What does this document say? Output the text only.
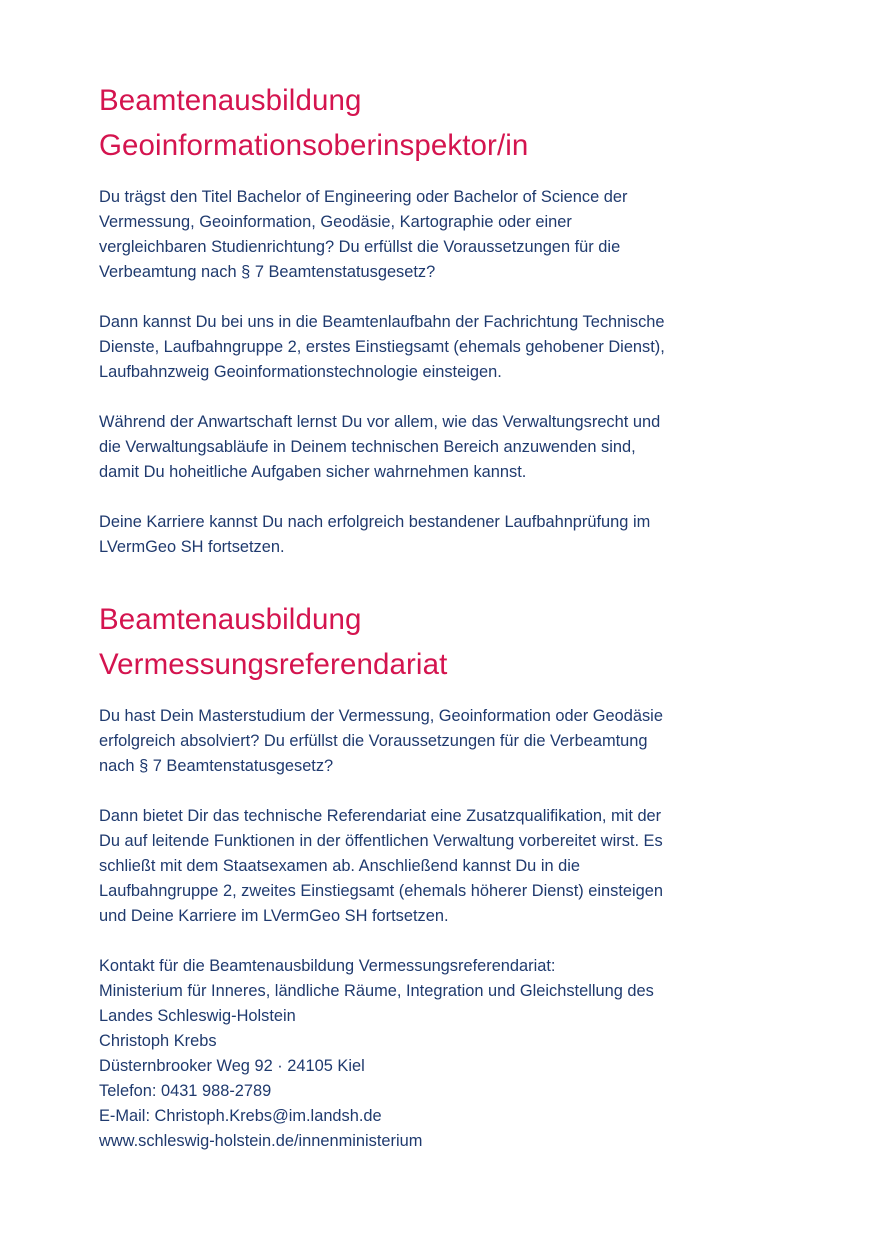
Beamtenausbildung
Geoinformationsoberinspektor/in

Du trägst den Titel Bachelor of Engineering oder Bachelor of Science der
Vermessung, Geoinformation, Geodäsie, Kartographie oder einer
vergleichbaren Studienrichtung? Du erfüllst die Voraussetzungen für die
Verbeamtung nach § 7 Beamtenstatusgesetz?

Dann kannst Du bei uns in die Beamtenlaufbahn der Fachrichtung Technische
Dienste, Laufbahngruppe 2, erstes Einstiegsamt (ehemals gehobener Dienst),
Laufbahnzweig Geoinformationstechnologie einsteigen.

Während der Anwartschaft lernst Du vor allem, wie das Verwaltungsrecht und
die Verwaltungsabläufe in Deinem technischen Bereich anzuwenden sind,
damit Du hoheitliche Aufgaben sicher wahrnehmen kannst.

Deine Karriere kannst Du nach erfolgreich bestandener Laufbahnprüfung im
LVermGeo SH fortsetzen.

Beamtenausbildung
Vermessungsreferendariat

Du hast Dein Masterstudium der Vermessung, Geoinformation oder Geodäsie
erfolgreich absolviert? Du erfüllst die Voraussetzungen für die Verbeamtung
nach § 7 Beamtenstatusgesetz?

Dann bietet Dir das technische Referendariat eine Zusatzqualifikation, mit der
Du auf leitende Funktionen in der öffentlichen Verwaltung vorbereitet wirst. Es
schließt mit dem Staatsexamen ab. Anschließend kannst Du in die
Laufbahngruppe 2, zweites Einstiegsamt (ehemals höherer Dienst) einsteigen
und Deine Karriere im LVermGeo SH fortsetzen.

Kontakt für die Beamtenausbildung Vermessungsreferendariat:
Ministerium für Inneres, ländliche Räume, Integration und Gleichstellung des
Landes Schleswig-Holstein
Christoph Krebs
Düsternbrooker Weg 92 · 24105 Kiel
Telefon: 0431 988-2789
E-Mail: Christoph.Krebs@im.landsh.de
www.schleswig-holstein.de/innenministerium
